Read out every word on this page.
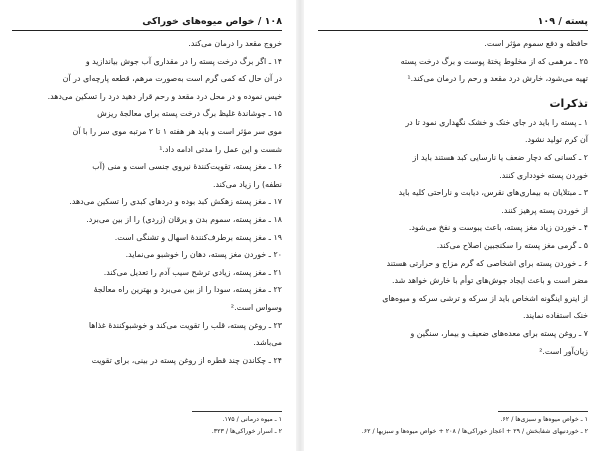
۱۰۸ / خواص میوه‌های خوراکی

خروج مقعد را درمان می‌کند.

۱۴ ـ اگر برگ درخت پسته را در مقداری آب جوش بیاندازید و

در آن حال که کمی گرم است به‌صورت مرهم، قطعه پارچه‌ای در آن

خیس نموده و در محل درد مقعد و رحم قرار دهید درد را تسکین می‌دهد.

۱۵ ـ جوشاندهٔ غلیظ برگ درخت پسته برای معالجهٔ ریزش

موی سر مؤثر است و باید هر هفته ۱ تا ۲ مرتبه موی سر را با آن

شست و این عمل را مدتی ادامه داد.¹

۱۶ ـ مغز پسته، تقویت‌کنندهٔ نیروی جنسی است و منی (آب

نطفه) را زیاد می‌کند.

۱۷ ـ مغز پسته زهکش کبد بوده و دردهای کبدی را تسکین می‌دهد.

۱۸ ـ مغز پسته، سموم بدن و یرقان (زردی) را از بین می‌برد.

۱۹ ـ مغز پسته برطرف‌کنندهٔ اسهال و تشنگی است.

۲۰ ـ خوردن مغز پسته، دهان را خوشبو می‌نماید.

۲۱ ـ مغز پسته، زیادی ترشح سیب آدم را تعدیل می‌کند.

۲۲ ـ مغز پسته، سودا را از بین می‌برد و بهترین راه معالجهٔ

وسواس است.²

۲۳ ـ روغن پسته، قلب را تقویت می‌کند و خوشبوکنندهٔ غذاها

می‌باشد.

۲۴ ـ چکاندن چند قطره از روغن پسته در بینی، برای تقویت

۱ ـ میوه درمانی / ۱۷۵.
۲ ـ اسرار خوراکی‌ها / ۳۲۳.
پسته / ۱۰۹

حافظه و دفع سموم مؤثر است.

۲۵ ـ مرهمی که از مخلوط پختهٔ پوست و برگ درخت پسته

تهیه می‌شود، خارش درد مقعد و رحم را درمان می‌کند.¹

تذکرات

۱ ـ پسته را باید در جای خنک و خشک نگهداری نمود تا در

آن کرم تولید نشود.

۲ ـ کسانی که دچار ضعف یا نارسایی کبد هستند باید از

خوردن پسته خودداری کنند.

۳ ـ مبتلایان به بیماری‌های نقرس، دیابت و ناراحتی کلیه باید

از خوردن پسته پرهیز کنند.

۴ ـ خوردن زیاد مغز پسته، باعث یبوست و نفخ می‌شود.

۵ ـ گرمی مغز پسته را سکنجبین اصلاح می‌کند.

۶ ـ خوردن پسته برای اشخاصی که گرم مزاج و حرارتی هستند

مضر است و باعث ایجاد جوش‌های توأم با خارش خواهد شد.

از اینرو اینگونه اشخاص باید از سرکه و ترشی سرکه و میوه‌های

خنک استفاده نمایند.

۷ ـ روغن پسته برای معده‌های ضعیف و بیمار، سنگین و

زیان‌آور است.²

۱ ـ خواص میوه‌ها و سبزی‌ها / ۶۲.
۲ ـ خوردنیهای شفابخش / ۲۹ + اعجاز خوراکی‌ها / ۲۰۸ + خواص میوه‌ها و سبزیها / ۶۲.
